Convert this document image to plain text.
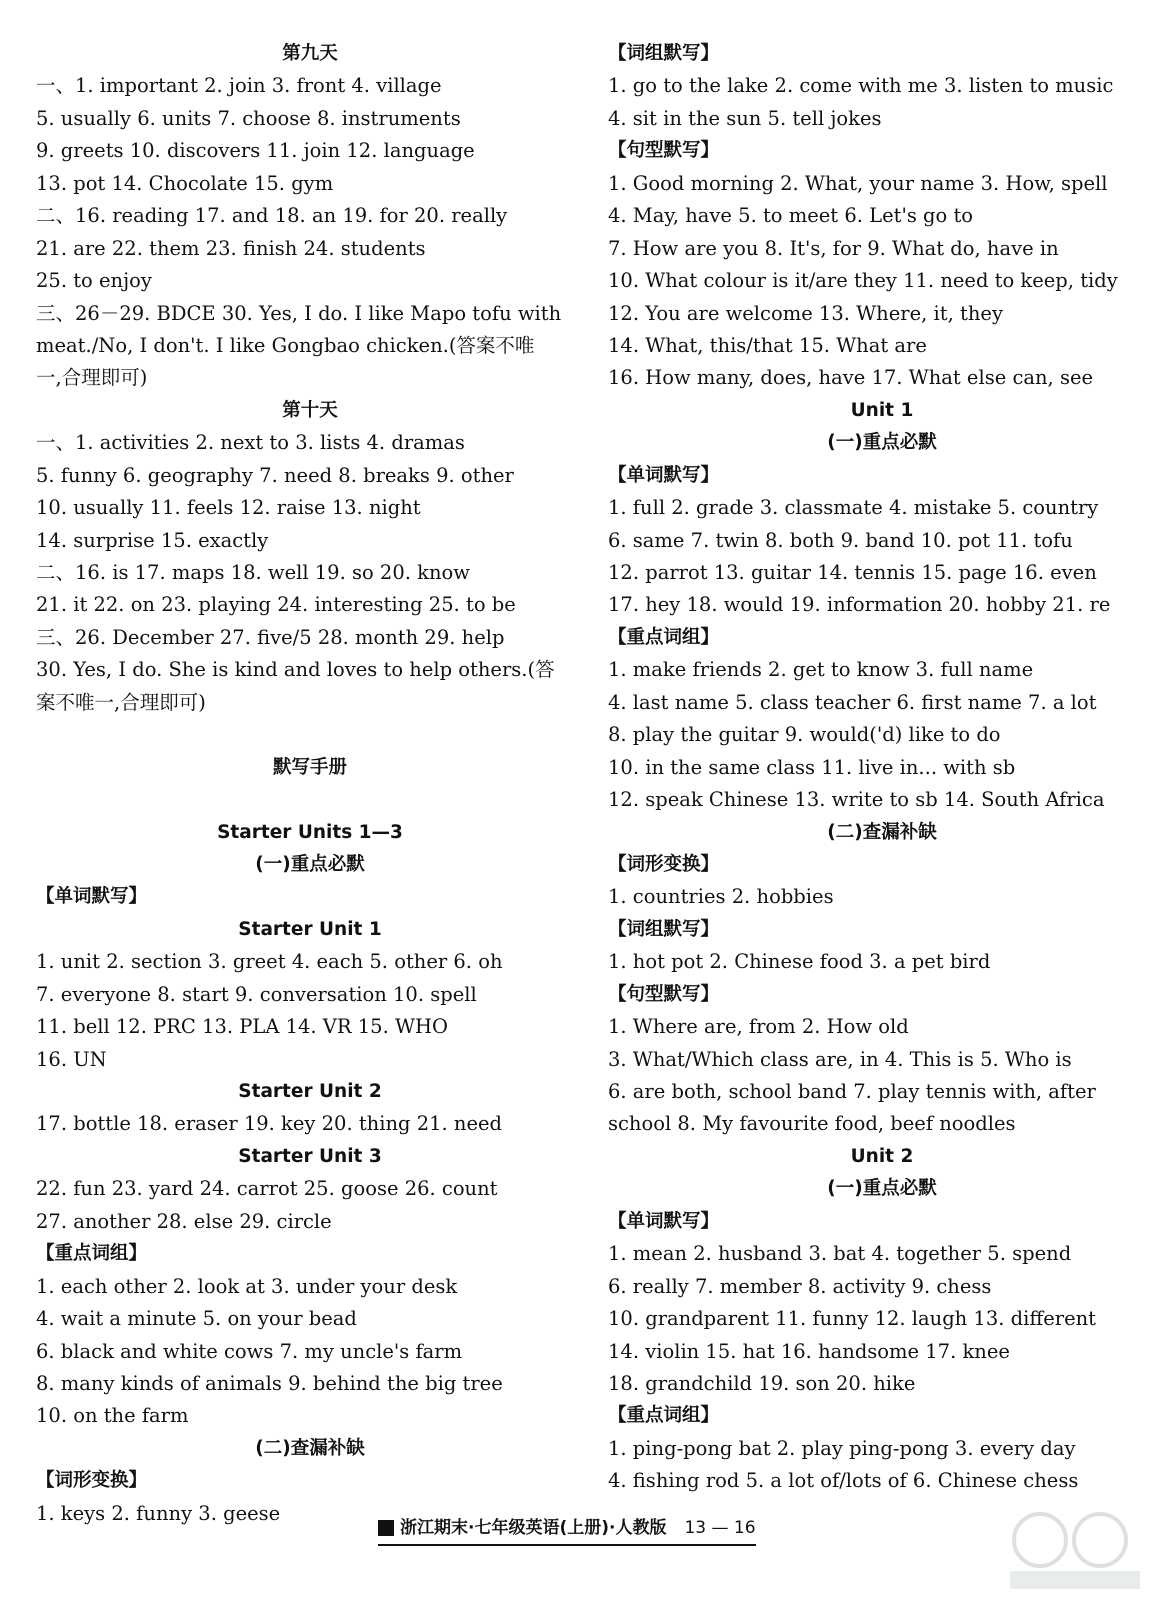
第九天
一、1. important 2. join 3. front 4. village
5. usually 6. units 7. choose 8. instruments
9. greets 10. discovers 11. join 12. language
13. pot 14. Chocolate 15. gym
二、16. reading 17. and 18. an 19. for 20. really
21. are 22. them 23. finish 24. students
25. to enjoy
三、26－29. BDCE 30. Yes, I do. I like Mapo tofu with
meat./No, I don't. I like Gongbao chicken.(答案不唯
一,合理即可)
第十天
一、1. activities 2. next to 3. lists 4. dramas
5. funny 6. geography 7. need 8. breaks 9. other
10. usually 11. feels 12. raise 13. night
14. surprise 15. exactly
二、16. is 17. maps 18. well 19. so 20. know
21. it 22. on 23. playing 24. interesting 25. to be
三、26. December 27. five/5 28. month 29. help
30. Yes, I do. She is kind and loves to help others.(答
案不唯一,合理即可)
默写手册
Starter Units 1—3
(一)重点必默
【单词默写】
Starter Unit 1
1. unit 2. section 3. greet 4. each 5. other 6. oh
7. everyone 8. start 9. conversation 10. spell
11. bell 12. PRC 13. PLA 14. VR 15. WHO
16. UN
Starter Unit 2
17. bottle 18. eraser 19. key 20. thing 21. need
Starter Unit 3
22. fun 23. yard 24. carrot 25. goose 26. count
27. another 28. else 29. circle
【重点词组】
1. each other 2. look at 3. under your desk
4. wait a minute 5. on your bead
6. black and white cows 7. my uncle's farm
8. many kinds of animals 9. behind the big tree
10. on the farm
(二)查漏补缺
【词形变换】
1. keys 2. funny 3. geese
【词组默写】
1. go to the lake 2. come with me 3. listen to music
4. sit in the sun 5. tell jokes
【句型默写】
1. Good morning 2. What, your name 3. How, spell
4. May, have 5. to meet 6. Let's go to
7. How are you 8. It's, for 9. What do, have in
10. What colour is it/are they 11. need to keep, tidy
12. You are welcome 13. Where, it, they
14. What, this/that 15. What are
16. How many, does, have 17. What else can, see
Unit 1
(一)重点必默
【单词默写】
1. full 2. grade 3. classmate 4. mistake 5. country
6. same 7. twin 8. both 9. band 10. pot 11. tofu
12. parrot 13. guitar 14. tennis 15. page 16. even
17. hey 18. would 19. information 20. hobby 21. re
【重点词组】
1. make friends 2. get to know 3. full name
4. last name 5. class teacher 6. first name 7. a lot
8. play the guitar 9. would('d) like to do
10. in the same class 11. live in... with sb
12. speak Chinese 13. write to sb 14. South Africa
(二)查漏补缺
【词形变换】
1. countries 2. hobbies
【词组默写】
1. hot pot 2. Chinese food 3. a pet bird
【句型默写】
1. Where are, from 2. How old
3. What/Which class are, in 4. This is 5. Who is
6. are both, school band 7. play tennis with, after
school 8. My favourite food, beef noodles
Unit 2
(一)重点必默
【单词默写】
1. mean 2. husband 3. bat 4. together 5. spend
6. really 7. member 8. activity 9. chess
10. grandparent 11. funny 12. laugh 13. different
14. violin 15. hat 16. handsome 17. knee
18. grandchild 19. son 20. hike
【重点词组】
1. ping-pong bat 2. play ping-pong 3. every day
4. fishing rod 5. a lot of/lots of 6. Chinese chess
浙江期末·七年级英语(上册)·人教版 13 — 16
